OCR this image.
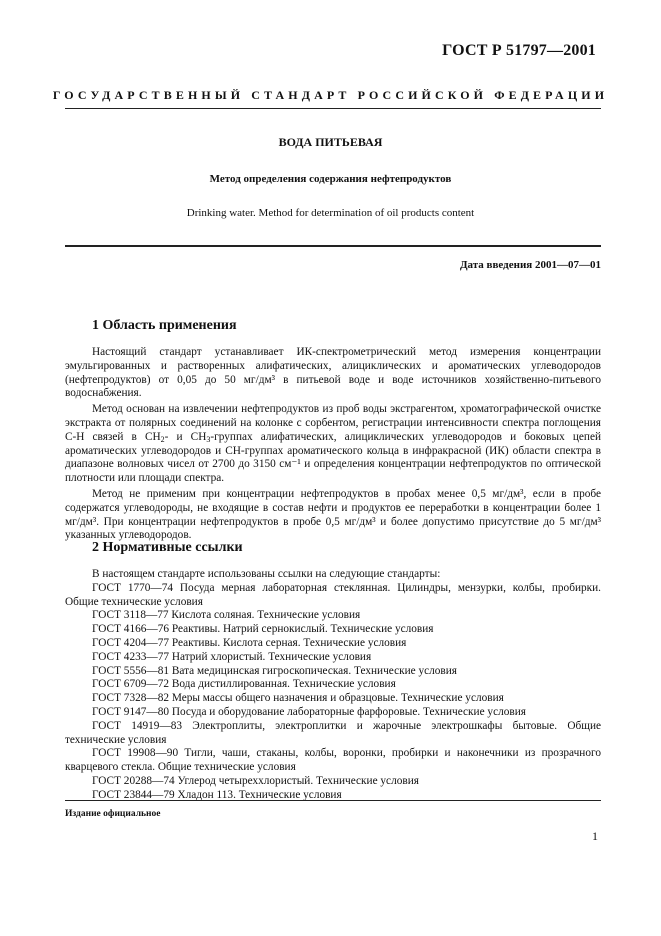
ГОСТ Р 51797—2001
ГОСУДАРСТВЕННЫЙ СТАНДАРТ РОССИЙСКОЙ ФЕДЕРАЦИИ
ВОДА ПИТЬЕВАЯ
Метод определения содержания нефтепродуктов
Drinking water. Method for determination of oil products content
Дата введения 2001—07—01
1 Область применения

Настоящий стандарт устанавливает ИК-спектрометрический метод измерения концентрации эмульгированных и растворенных алифатических, алициклических и ароматических углеводородов (нефтепродуктов) от 0,05 до 50 мг/дм³ в питьевой воде и воде источников хозяйственно-питьевого водоснабжения.

Метод основан на извлечении нефтепродуктов из проб воды экстрагентом, хроматографической очистке экстракта от полярных соединений на колонке с сорбентом, регистрации интенсивности спектра поглощения С-Н связей в $СН_2-$ и $СН_3$-группах алифатических, алициклических углеводородов и боковых цепей ароматических углеводородов и СН-группах ароматического кольца в инфракрасной (ИК) области спектра в диапазоне волновых чисел от 2700 до 3150 см⁻¹ и определения концентрации нефтепродуктов по оптической плотности или площади спектра.

Метод не применим при концентрации нефтепродуктов в пробах менее 0,5 мг/дм³, если в пробе содержатся углеводороды, не входящие в состав нефти и продуктов ее переработки в концентрации более 1 мг/дм³. При концентрации нефтепродуктов в пробе 0,5 мг/дм³ и более допустимо присутствие до 5 мг/дм³ указанных углеводородов.

2 Нормативные ссылки

В настоящем стандарте использованы ссылки на следующие стандарты:

ГОСТ 1770—74 Посуда мерная лабораторная стеклянная. Цилиндры, мензурки, колбы, пробирки. Общие технические условия

ГОСТ 3118—77 Кислота соляная. Технические условия

ГОСТ 4166—76 Реактивы. Натрий сернокислый. Технические условия

ГОСТ 4204—77 Реактивы. Кислота серная. Технические условия

ГОСТ 4233—77 Натрий хлористый. Технические условия

ГОСТ 5556—81 Вата медицинская гигроскопическая. Технические условия

ГОСТ 6709—72 Вода дистиллированная. Технические условия

ГОСТ 7328—82 Меры массы общего назначения и образцовые. Технические условия

ГОСТ 9147—80 Посуда и оборудование лабораторные фарфоровые. Технические условия

ГОСТ 14919—83 Электроплиты, электроплитки и жарочные электрошкафы бытовые. Общие технические условия

ГОСТ 19908—90 Тигли, чаши, стаканы, колбы, воронки, пробирки и наконечники из прозрачного кварцевого стекла. Общие технические условия

ГОСТ 20288—74 Углерод четыреххлористый. Технические условия

ГОСТ 23844—79 Хладон 113. Технические условия

Издание официальное
1
